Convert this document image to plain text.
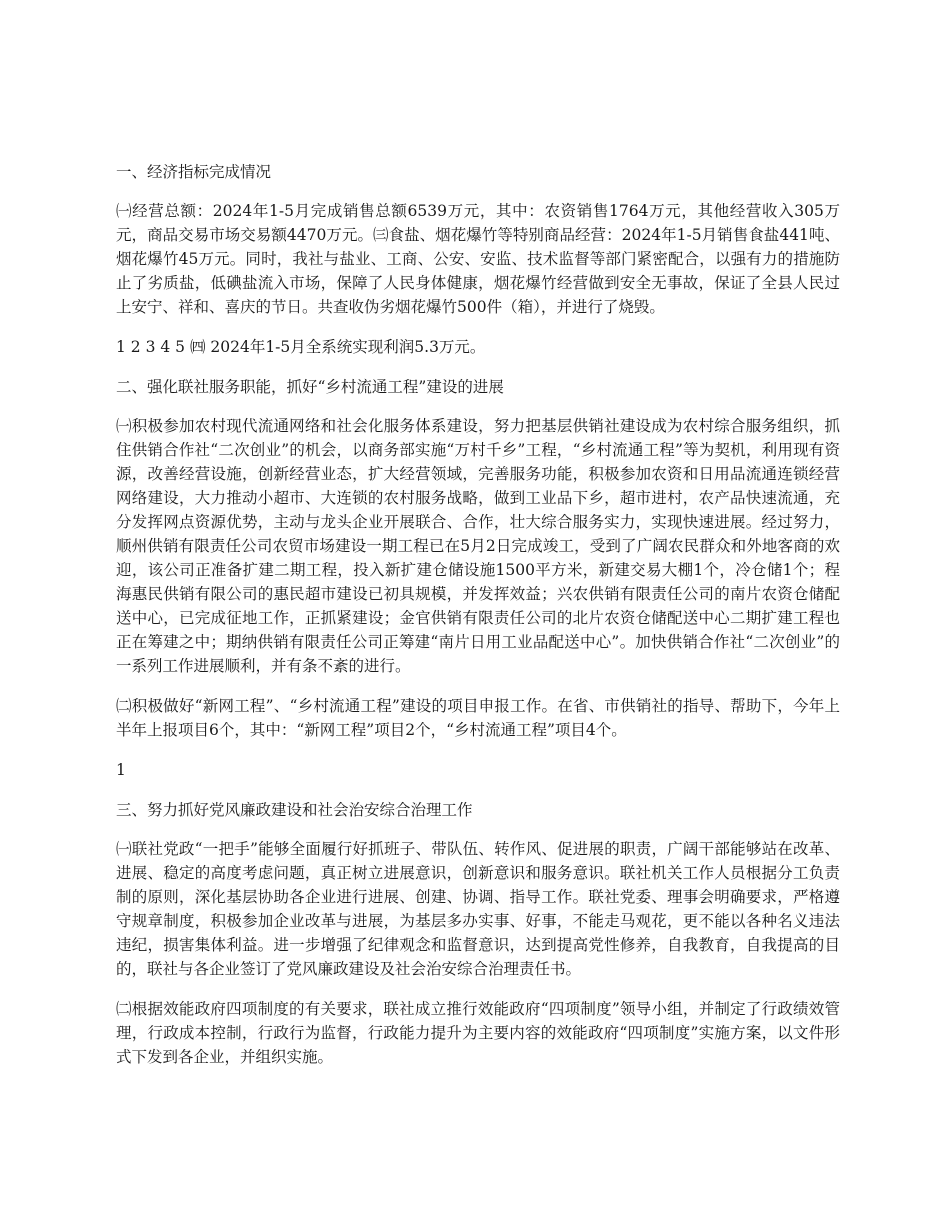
一、经济指标完成情况

㈠经营总额：2024年1-5月完成销售总额6539万元，其中：农资销售1764万元，其他经营收入305万元，商品交易市场交易额4470万元。㈢食盐、烟花爆竹等特别商品经营：2024年1-5月销售食盐441吨、烟花爆竹45万元。同时，我社与盐业、工商、公安、安监、技术监督等部门紧密配合，以强有力的措施防止了劣质盐，低碘盐流入市场，保障了人民身体健康，烟花爆竹经营做到安全无事故，保证了全县人民过上安宁、祥和、喜庆的节日。共查收伪劣烟花爆竹500件（箱），并进行了烧毁。

1 2 3 4 5 ㈣ 2024年1-5月全系统实现利润5.3万元。

二、强化联社服务职能，抓好“乡村流通工程”建设的进展

㈠积极参加农村现代流通网络和社会化服务体系建设，努力把基层供销社建设成为农村综合服务组织，抓住供销合作社“二次创业”的机会，以商务部实施“万村千乡”工程，“乡村流通工程”等为契机，利用现有资源，改善经营设施，创新经营业态，扩大经营领域，完善服务功能，积极参加农资和日用品流通连锁经营网络建设，大力推动小超市、大连锁的农村服务战略，做到工业品下乡，超市进村，农产品快速流通，充分发挥网点资源优势，主动与龙头企业开展联合、合作，壮大综合服务实力，实现快速进展。经过努力，顺州供销有限责任公司农贸市场建设一期工程已在5月2日完成竣工，受到了广阔农民群众和外地客商的欢迎，该公司正准备扩建二期工程，投入新扩建仓储设施1500平方米，新建交易大棚1个，冷仓储1个；程海惠民供销有限公司的惠民超市建设已初具规模，并发挥效益；兴农供销有限责任公司的南片农资仓储配送中心，已完成征地工作，正抓紧建设；金官供销有限责任公司的北片农资仓储配送中心二期扩建工程也正在筹建之中；期纳供销有限责任公司正筹建“南片日用工业品配送中心”。加快供销合作社“二次创业”的一系列工作进展顺利，并有条不紊的进行。

㈡积极做好“新网工程”、“乡村流通工程”建设的项目申报工作。在省、市供销社的指导、帮助下，今年上半年上报项目6个，其中：“新网工程”项目2个，“乡村流通工程”项目4个。

1

三、努力抓好党风廉政建设和社会治安综合治理工作

㈠联社党政“一把手”能够全面履行好抓班子、带队伍、转作风、促进展的职责，广阔干部能够站在改革、进展、稳定的高度考虑问题，真正树立进展意识，创新意识和服务意识。联社机关工作人员根据分工负责制的原则，深化基层协助各企业进行进展、创建、协调、指导工作。联社党委、理事会明确要求，严格遵守规章制度，积极参加企业改革与进展，为基层多办实事、好事，不能走马观花，更不能以各种名义违法违纪，损害集体利益。进一步增强了纪律观念和监督意识，达到提高党性修养，自我教育，自我提高的目的，联社与各企业签订了党风廉政建设及社会治安综合治理责任书。

㈡根据效能政府四项制度的有关要求，联社成立推行效能政府“四项制度”领导小组，并制定了行政绩效管理，行政成本控制，行政行为监督，行政能力提升为主要内容的效能政府“四项制度”实施方案，以文件形式下发到各企业，并组织实施。
